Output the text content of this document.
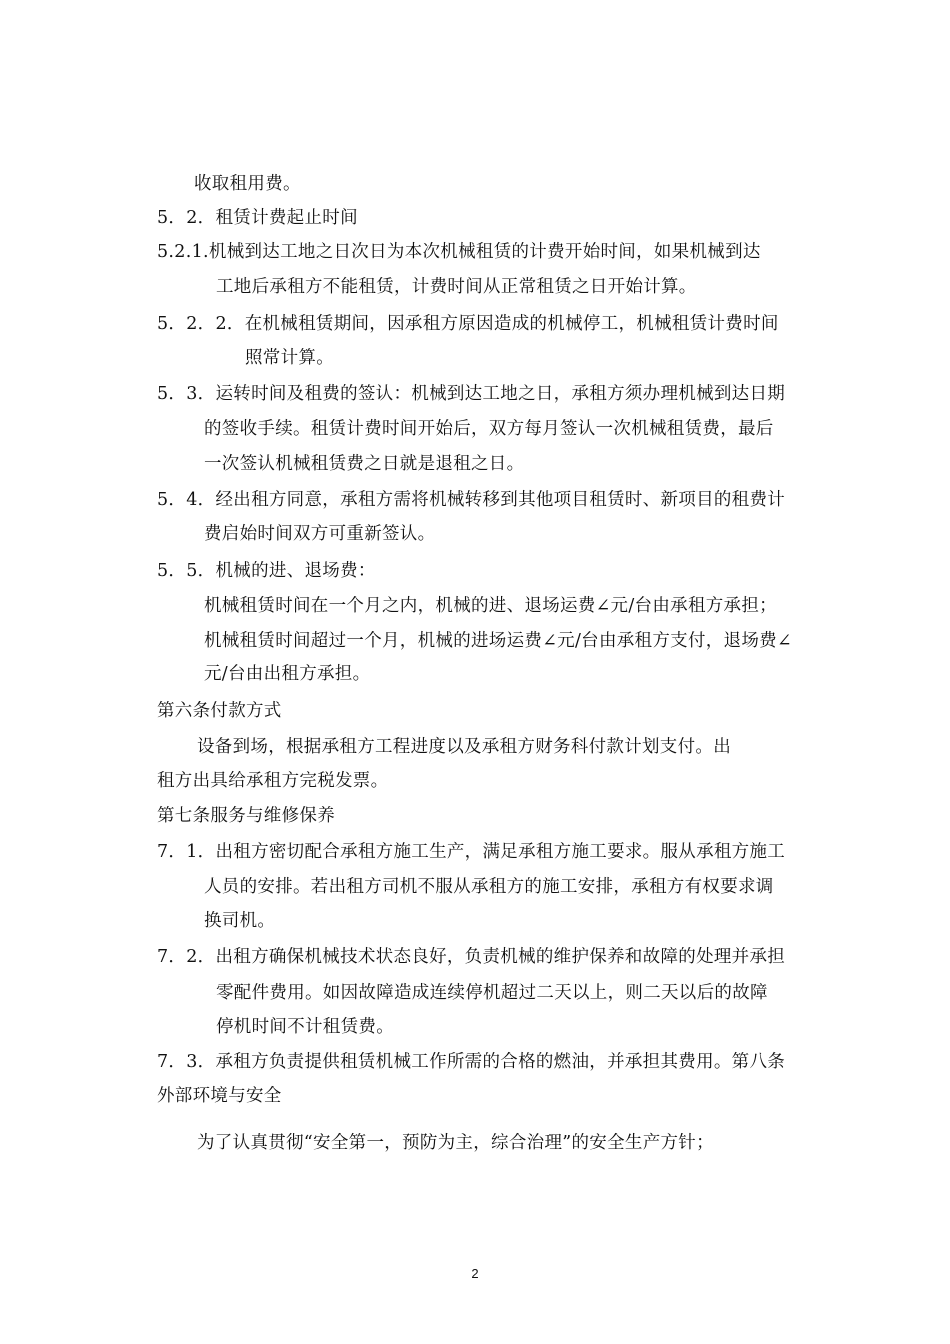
收取租用费。
5．2．租赁计费起止时间
5.2.1.机械到达工地之日次日为本次机械租赁的计费开始时间，如果机械到达
工地后承租方不能租赁，计费时间从正常租赁之日开始计算。
5．2．2．在机械租赁期间，因承租方原因造成的机械停工，机械租赁计费时间
照常计算。
5．3．运转时间及租费的签认：机械到达工地之日，承租方须办理机械到达日期
的签收手续。租赁计费时间开始后，双方每月签认一次机械租赁费，最后
一次签认机械租赁费之日就是退租之日。
5．4．经出租方同意，承租方需将机械转移到其他项目租赁时、新项目的租费计
费启始时间双方可重新签认。
5．5．机械的进、退场费：
机械租赁时间在一个月之内，机械的进、退场运费∠元/台由承租方承担；
机械租赁时间超过一个月，机械的进场运费∠元/台由承租方支付，退场费∠
元/台由出租方承担。
第六条付款方式
设备到场，根据承租方工程进度以及承租方财务科付款计划支付。出
租方出具给承租方完税发票。
第七条服务与维修保养
7．1．出租方密切配合承租方施工生产，满足承租方施工要求。服从承租方施工
人员的安排。若出租方司机不服从承租方的施工安排，承租方有权要求调
换司机。
7．2．出租方确保机械技术状态良好，负责机械的维护保养和故障的处理并承担
零配件费用。如因故障造成连续停机超过二天以上，则二天以后的故障
停机时间不计租赁费。
7．3．承租方负责提供租赁机械工作所需的合格的燃油，并承担其费用。第八条
外部环境与安全
为了认真贯彻“安全第一，预防为主，综合治理”的安全生产方针；
2
